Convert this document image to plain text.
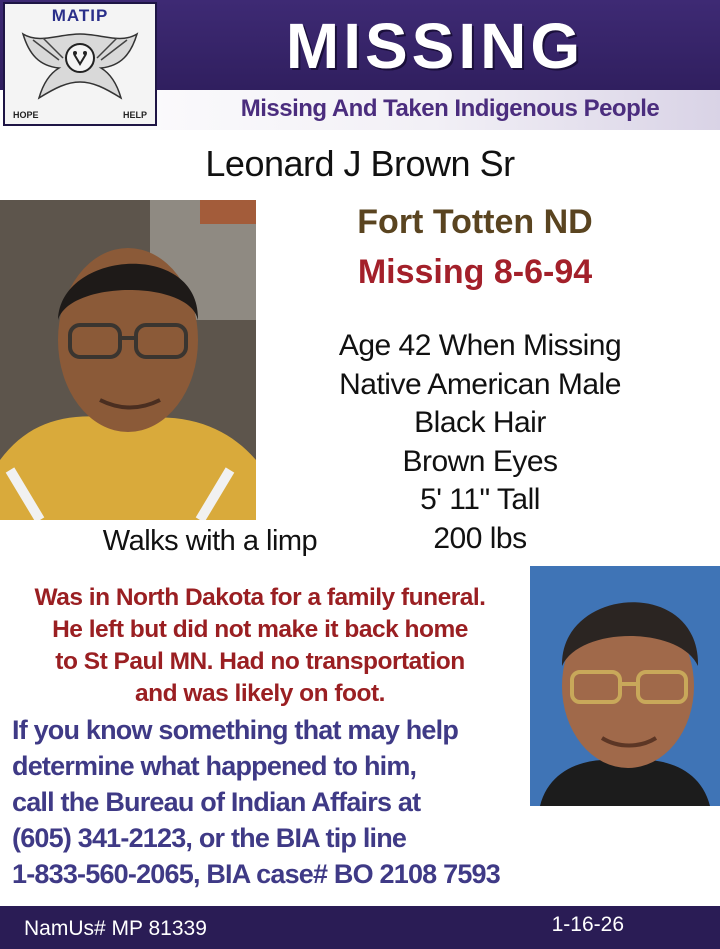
MATIP
HOPE	HELP
MISSING
Missing And Taken Indigenous People
Leonard J Brown Sr
Fort Totten ND
Missing 8-6-94
Age 42 When Missing
Native American Male
Black Hair
Brown Eyes
5' 11" Tall
200 lbs
Walks with a limp
Was in North Dakota for a family funeral.
He left but did not make it back home
to St Paul MN. Had no transportation
and was likely on foot.
If you know something that may help
determine what happened to him,
call the Bureau of Indian Affairs at
(605) 341-2123, or the BIA tip line
1-833-560-2065, BIA case# BO 2108 7593
NamUs# MP 81339	1-16-26
